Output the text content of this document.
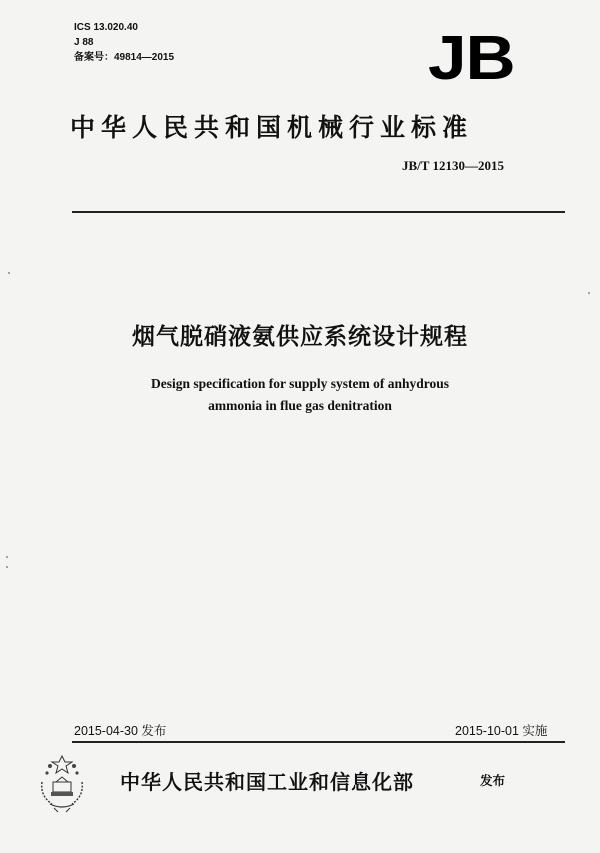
ICS 13.020.40
J 88
备案号：49814—2015	JB
中华人民共和国机械行业标准
JB/T 12130—2015
烟气脱硝液氨供应系统设计规程
Design specification for supply system of anhydrous
ammonia in flue gas denitration
2015-04-30 发布	2015-10-01 实施
中华人民共和国工业和信息化部	发布
